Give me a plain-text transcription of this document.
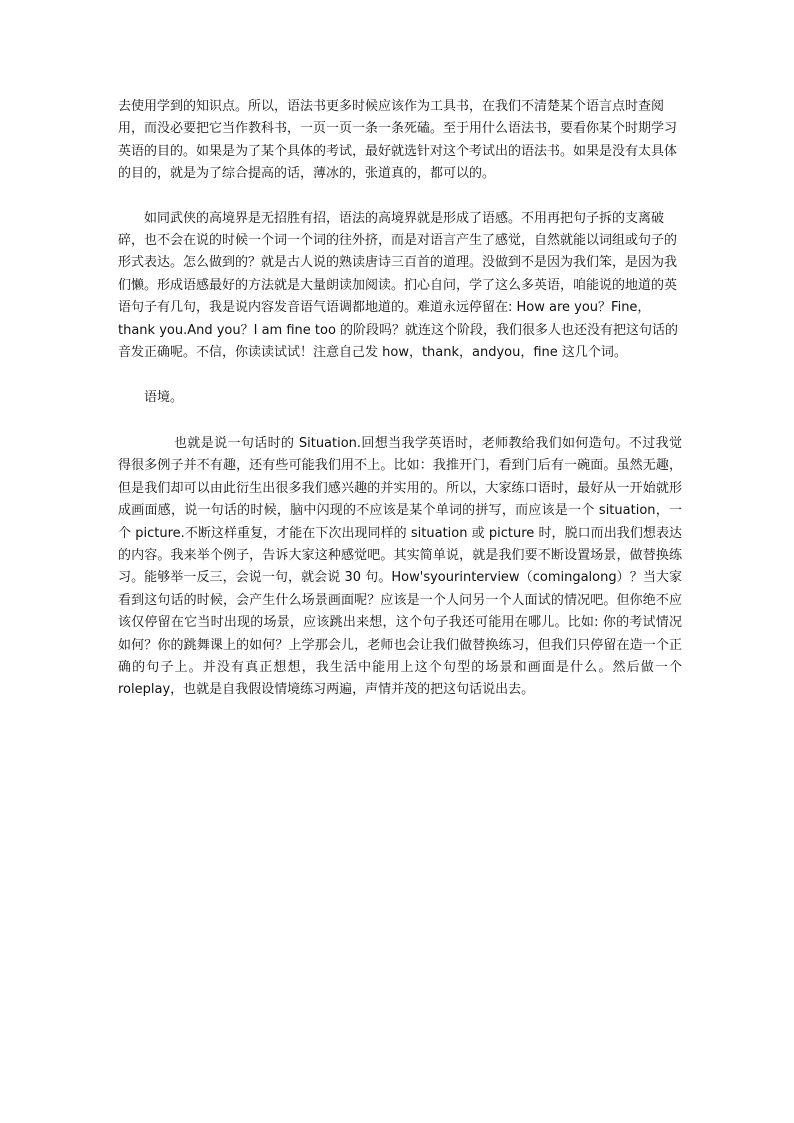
去使用学到的知识点。所以，语法书更多时候应该作为工具书，在我们不清楚某个语言点时查阅用，而没必要把它当作教科书，一页一页一条一条死磕。至于用什么语法书，要看你某个时期学习英语的目的。如果是为了某个具体的考试，最好就选针对这个考试出的语法书。如果是没有太具体的目的，就是为了综合提高的话，薄冰的，张道真的，都可以的。

如同武侠的高境界是无招胜有招，语法的高境界就是形成了语感。不用再把句子拆的支离破碎，也不会在说的时候一个词一个词的往外挤，而是对语言产生了感觉，自然就能以词组或句子的形式表达。怎么做到的？就是古人说的熟读唐诗三百首的道理。没做到不是因为我们笨，是因为我们懒。形成语感最好的方法就是大量朗读加阅读。扪心自问，学了这么多英语，咱能说的地道的英语句子有几句，我是说内容发音语气语调都地道的。难道永远停留在: How are you？Fine，thank you.And you？I am fine too 的阶段吗？就连这个阶段，我们很多人也还没有把这句话的音发正确呢。不信，你读读试试！注意自己发 how，thank，andyou，fine 这几个词。

语境。

也就是说一句话时的 Situation.回想当我学英语时，老师教给我们如何造句。不过我觉得很多例子并不有趣，还有些可能我们用不上。比如：我推开门，看到门后有一碗面。虽然无趣，但是我们却可以由此衍生出很多我们感兴趣的并实用的。所以，大家练口语时，最好从一开始就形成画面感，说一句话的时候，脑中闪现的不应该是某个单词的拼写，而应该是一个 situation，一个 picture.不断这样重复，才能在下次出现同样的 situation 或 picture 时，脱口而出我们想表达的内容。我来举个例子，告诉大家这种感觉吧。其实简单说，就是我们要不断设置场景，做替换练习。能够举一反三，会说一句，就会说 30 句。How'syourinterview（comingalong）？当大家看到这句话的时候，会产生什么场景画面呢？应该是一个人问另一个人面试的情况吧。但你绝不应该仅停留在它当时出现的场景，应该跳出来想，这个句子我还可能用在哪儿。比如: 你的考试情况如何？你的跳舞课上的如何？上学那会儿，老师也会让我们做替换练习，但我们只停留在造一个正确的句子上。并没有真正想想，我生活中能用上这个句型的场景和画面是什么。然后做一个 roleplay，也就是自我假设情境练习两遍，声情并茂的把这句话说出去。
